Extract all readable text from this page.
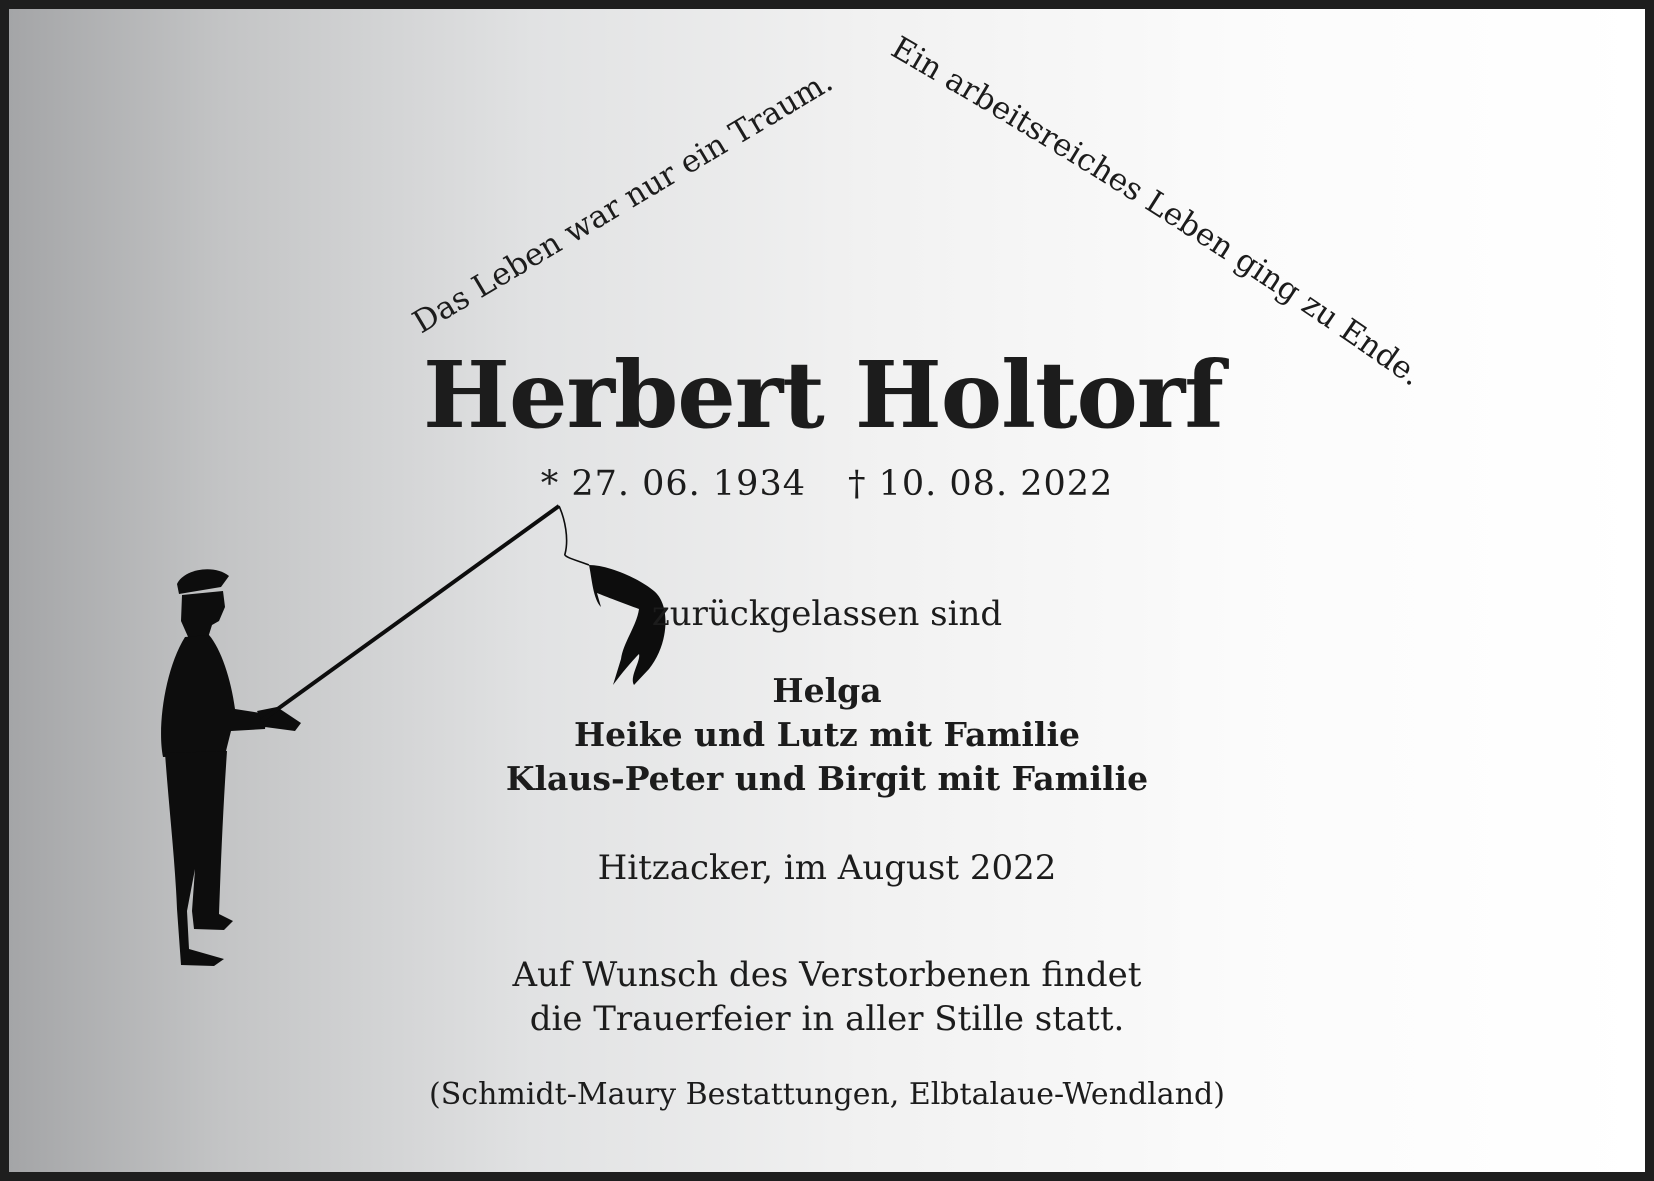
Das Leben war nur ein Traum.
Ein arbeitsreiches Leben ging zu Ende.
Herbert Holtorf
* 27. 06. 1934 † 10. 08. 2022
zurückgelassen sind
Helga
Heike und Lutz mit Familie
Klaus-Peter und Birgit mit Familie
Hitzacker, im August 2022
Auf Wunsch des Verstorbenen findet
die Trauerfeier in aller Stille statt.
(Schmidt-Maury Bestattungen, Elbtalaue-Wendland)
